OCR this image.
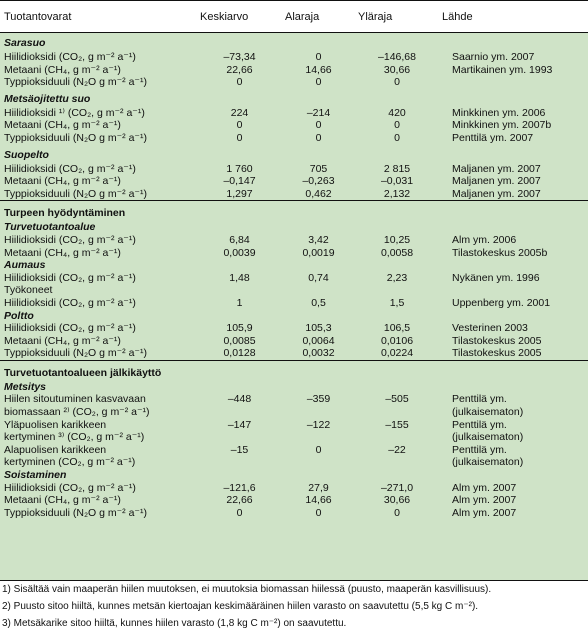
Tuotantovarat	Keskiarvo	Alaraja	Yläraja	Lähde
Sarasuo				
Hiilidioksidi (CO₂, g m⁻² a⁻¹)	–73,34	0	–146,68	Saarnio ym. 2007
Metaani (CH₄, g m⁻² a⁻¹)	22,66	14,66	30,66	Martikainen ym. 1993
Typpioksiduuli (N₂O g m⁻² a⁻¹)	0	0	0	
Metsäojitettu suo				
Hiilidioksidi ¹⁾ (CO₂, g m⁻² a⁻¹)	224	–214	420	Minkkinen ym. 2006
Metaani (CH₄, g m⁻² a⁻¹)	0	0	0	Minkkinen ym. 2007b
Typpioksiduuli (N₂O g m⁻² a⁻¹)	0	0	0	Penttilä ym. 2007
Suopelto				
Hiilidioksidi (CO₂, g m⁻² a⁻¹)	1 760	705	2 815	Maljanen ym. 2007
Metaani (CH₄, g m⁻² a⁻¹)	–0,147	–0,263	–0,031	Maljanen ym. 2007
Typpioksiduuli (N₂O g m⁻² a⁻¹)	1,297	0,462	2,132	Maljanen ym. 2007
Turpeen hyödyntäminen				
Turvetuotantoalue				
Hiilidioksidi (CO₂, g m⁻² a⁻¹)	6,84	3,42	10,25	Alm ym. 2006
Metaani (CH₄, g m⁻² a⁻¹)	0,0039	0,0019	0,0058	Tilastokeskus 2005b
Aumaus				
Hiilidioksidi (CO₂, g m⁻² a⁻¹)	1,48	0,74	2,23	Nykänen ym. 1996
Työkoneet				
Hiilidioksidi (CO₂, g m⁻² a⁻¹)	1	0,5	1,5	Uppenberg ym. 2001
Poltto				
Hiilidioksidi (CO₂, g m⁻² a⁻¹)	105,9	105,3	106,5	Vesterinen 2003
Metaani (CH₄, g m⁻² a⁻¹)	0,0085	0,0064	0,0106	Tilastokeskus 2005
Typpioksiduuli (N₂O g m⁻² a⁻¹)	0,0128	0,0032	0,0224	Tilastokeskus 2005
Turvetuotantoalueen jälkikäyttö				
Metsitys				
Hiilen sitoutuminen kasvavaan	–448	–359	–505	Penttilä ym.
biomassaan ²⁾ (CO₂, g m⁻² a⁻¹)				(julkaisematon)
Yläpuolisen karikkeen	–147	–122	–155	Penttilä ym.
kertyminen ³⁾ (CO₂, g m⁻² a⁻¹)				(julkaisematon)
Alapuolisen karikkeen	–15	0	–22	Penttilä ym.
kertyminen (CO₂, g m⁻² a⁻¹)				(julkaisematon)
Soistaminen				
Hiilidioksidi (CO₂, g m⁻² a⁻¹)	–121,6	27,9	–271,0	Alm ym. 2007
Metaani (CH₄, g m⁻² a⁻¹)	22,66	14,66	30,66	Alm ym. 2007
Typpioksiduuli (N₂O g m⁻² a⁻¹)	0	0	0	Alm ym. 2007

1) Sisältää vain maaperän hiilen muutoksen, ei muutoksia biomassan hiilessä (puusto, maaperän kasvillisuus).

2) Puusto sitoo hiiltä, kunnes metsän kiertoajan keskimääräinen hiilen varasto on saavutettu (5,5 kg C m⁻²).

3) Metsäkarike sitoo hiiltä, kunnes hiilen varasto (1,8 kg C m⁻²) on saavutettu.
